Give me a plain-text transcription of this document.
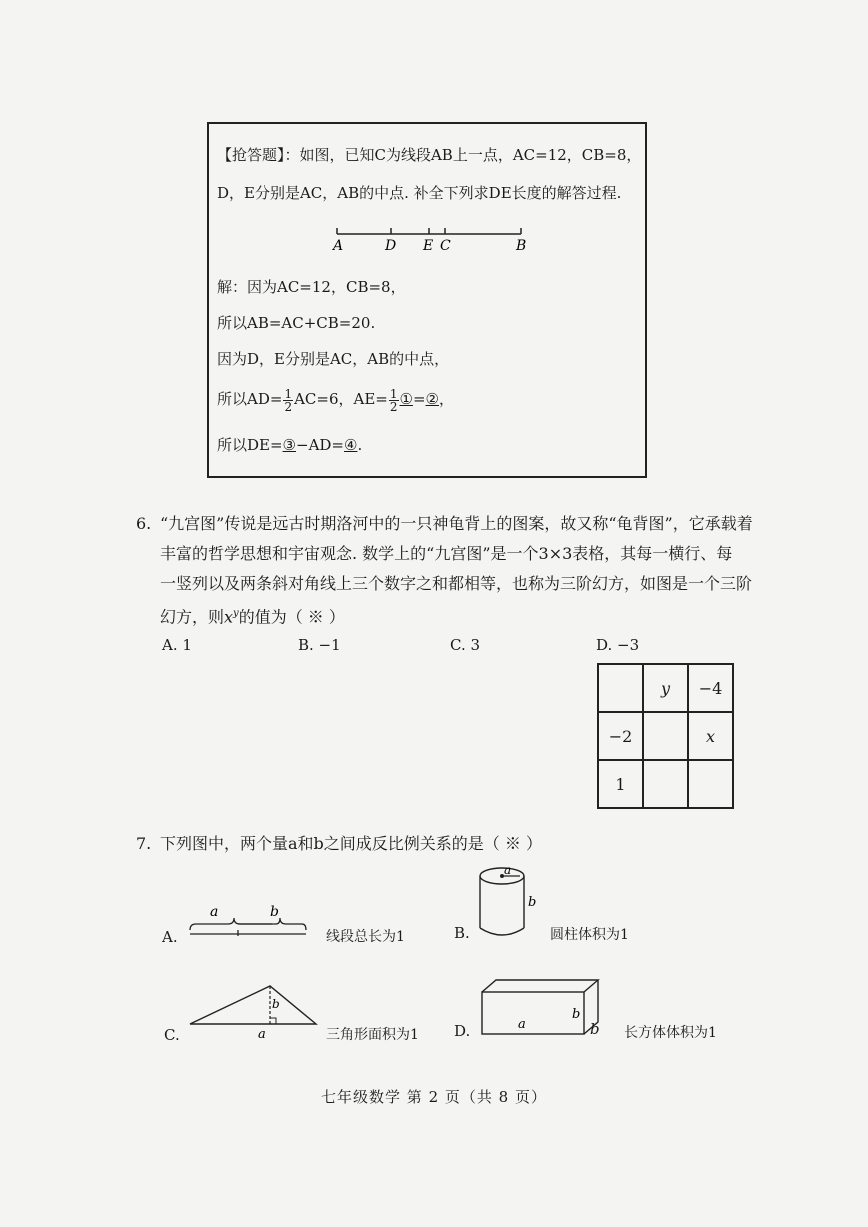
【抢答题】：如图，已知C为线段AB上一点，AC=12，CB=8，
D，E分别是AC，AB的中点. 补全下列求DE长度的解答过程.
A	D E C	B
解：因为AC=12，CB=8，
所以AB=AC+CB=20.
因为D，E分别是AC，AB的中点，
所以$AD= \frac{1}{2} AC=6$，$AE= \frac{1}{2}$ ①=②，
所以DE=③−AD=④.
6. “九宫图”传说是远古时期洛河中的一只神龟背上的图案，故又称“龟背图”，它承载着
丰富的哲学思想和宇宙观念. 数学上的“九宫图”是一个3×3表格，其每一横行、每
一竖列以及两条斜对角线上三个数字之和都相等，也称为三阶幻方，如图是一个三阶
幻方，则$x^y$的值为（ ※ ）
A. 1	B. −1	C. 3	D. −3
	y	−4
−2		x
1		
7. 下列图中，两个量a和b之间成反比例关系的是（ ※ ）
A.
a	b
线段总长为1	B.
a
b
圆柱体积为1
C.
b
a	三角形面积为1 D.	a
b
b 长方体体积为1
七年级数学 第 2 页（共 8 页）
